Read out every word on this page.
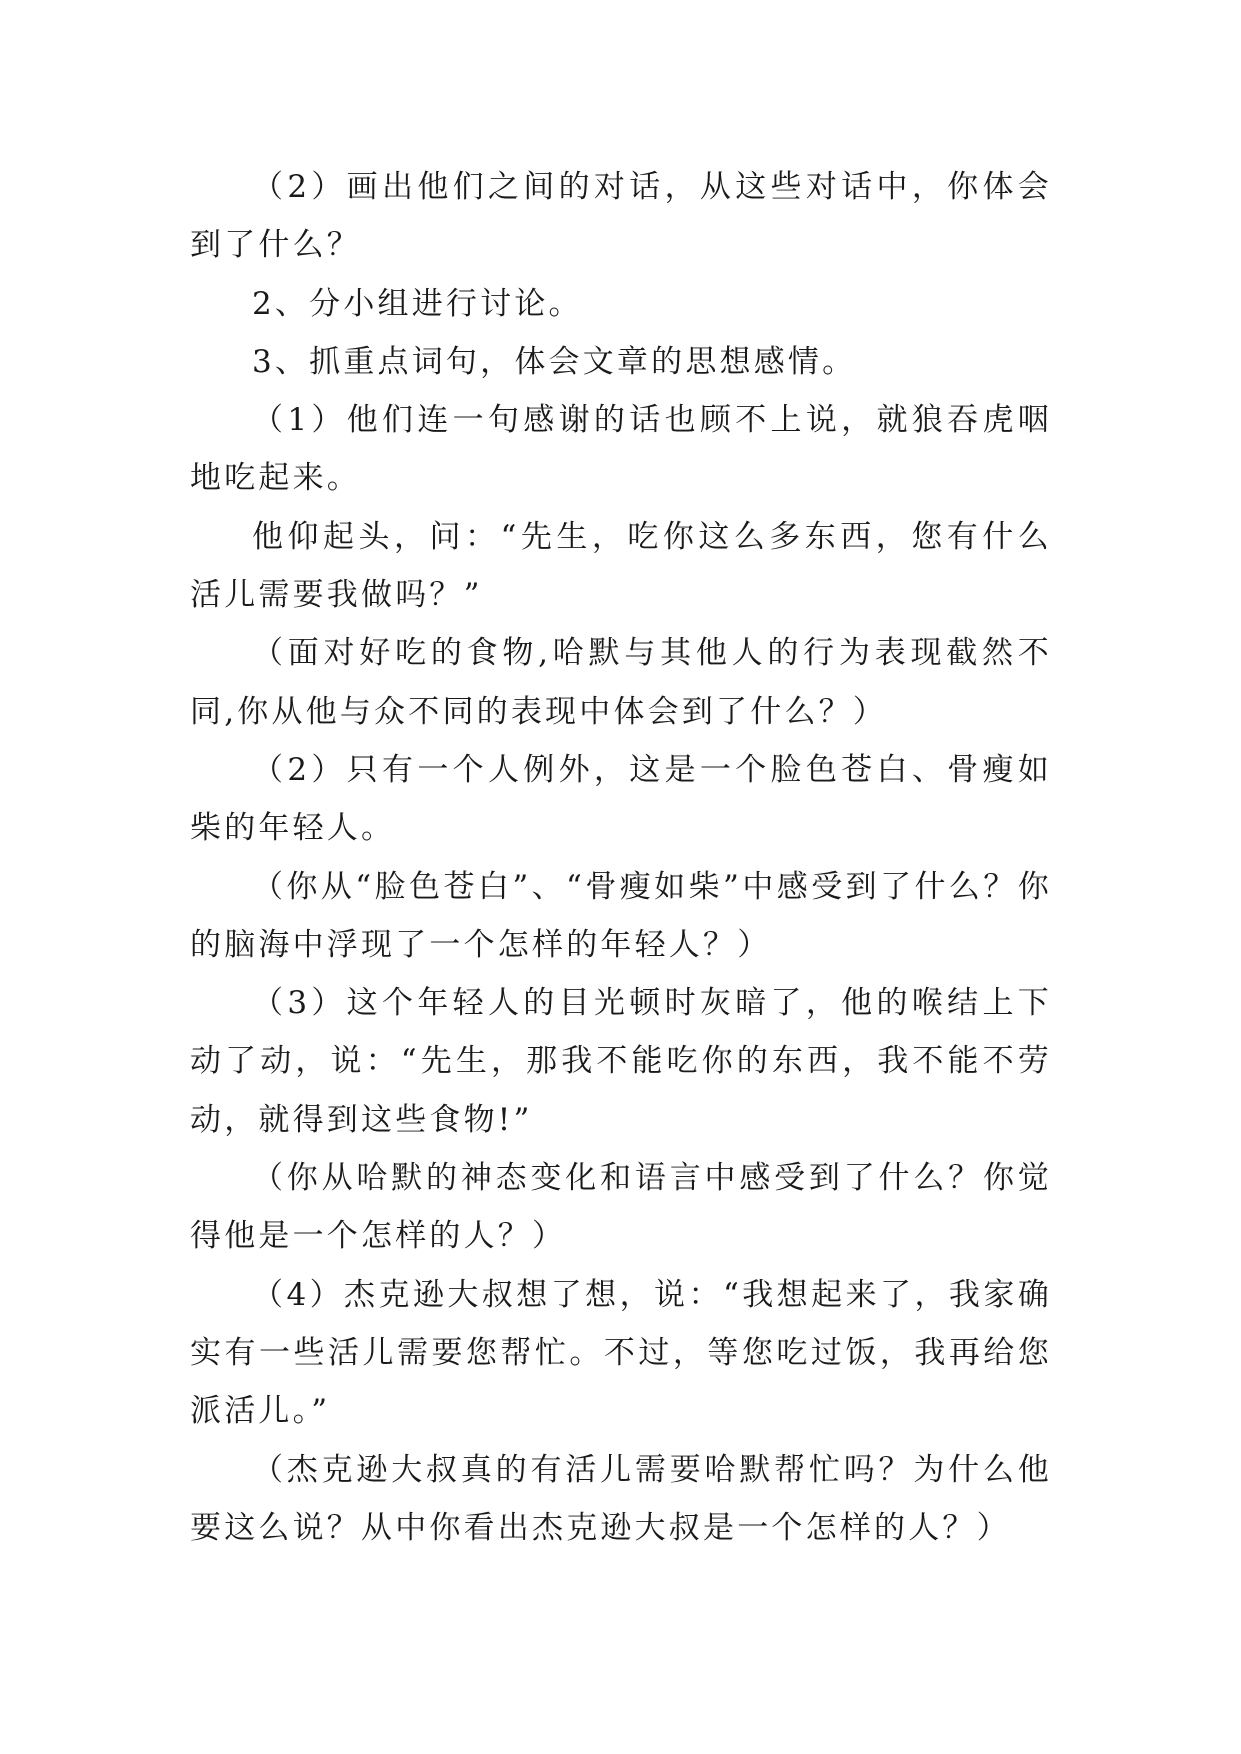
（2）画出他们之间的对话，从这些对话中，你体会到了什么？

2、分小组进行讨论。

3、抓重点词句，体会文章的思想感情。

（1）他们连一句感谢的话也顾不上说，就狼吞虎咽地吃起来。

他仰起头，问：“先生，吃你这么多东西，您有什么活儿需要我做吗？”

（面对好吃的食物,哈默与其他人的行为表现截然不同,你从他与众不同的表现中体会到了什么？）

（2）只有一个人例外，这是一个脸色苍白、骨瘦如柴的年轻人。

（你从“脸色苍白”、“骨瘦如柴”中感受到了什么？你的脑海中浮现了一个怎样的年轻人？）

（3）这个年轻人的目光顿时灰暗了，他的喉结上下动了动，说：“先生，那我不能吃你的东西，我不能不劳动，就得到这些食物!”

（你从哈默的神态变化和语言中感受到了什么？你觉得他是一个怎样的人？）

（4）杰克逊大叔想了想，说：“我想起来了，我家确实有一些活儿需要您帮忙。不过，等您吃过饭，我再给您派活儿。”

（杰克逊大叔真的有活儿需要哈默帮忙吗？为什么他要这么说？从中你看出杰克逊大叔是一个怎样的人？）
